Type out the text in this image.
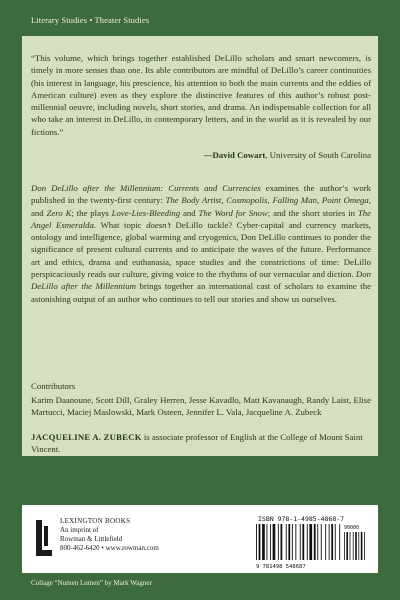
Literary Studies • Theater Studies
“This volume, which brings together established DeLillo scholars and smart newcomers, is timely in more senses than one. Its able contributors are mindful of DeLillo’s career continuities (his interest in language, his prescience, his attention to both the main currents and the eddies of American culture) even as they explore the distinctive features of this author’s robust post-millennial oeuvre, including novels, short stories, and drama. An indispensable collection for all who take an interest in DeLillo, in contemporary letters, and in the world as it is revealed by our fictions.”
—David Cowart, University of South Carolina
Don DeLillo after the Millennium: Currents and Currencies examines the author’s work published in the twenty-first century: The Body Artist, Cosmopolis, Falling Man, Point Omega, and Zero K; the plays Love-Lies-Bleeding and The Word for Snow; and the short stories in The Angel Esmeralda. What topic doesn’t DeLillo tackle? Cyber-capital and currency markets, ontology and intelligence, global warming and cryogenics, Don DeLillo continues to ponder the significance of present cultural currents and to anticipate the waves of the future. Performance art and ethics, drama and euthanasia, space studies and the constrictions of time: DeLillo perspicaciously reads our culture, giving voice to the rhythms of our vernacular and diction. Don DeLillo after the Millennium brings together an international cast of scholars to examine the astonishing output of an author who continues to tell our stories and show us ourselves.
Contributors
Karim Daanoune, Scott Dill, Graley Herren, Jesse Kavadlo, Matt Kavanaugh, Randy Laist, Elise Martucci, Maciej Maslowski, Mark Osteen, Jennifer L. Vala, Jacqueline A. Zubeck
JACQUELINE A. ZUBECK is associate professor of English at the College of Mount Saint Vincent.
LEXINGTON BOOKS
An imprint of
Rowman & Littlefield
800-462-6420 • www.rowman.com
ISBN 978-1-4985-4868-7
9 781498 548687
90000
Collage “Numen Lumen” by Mark Wagner
